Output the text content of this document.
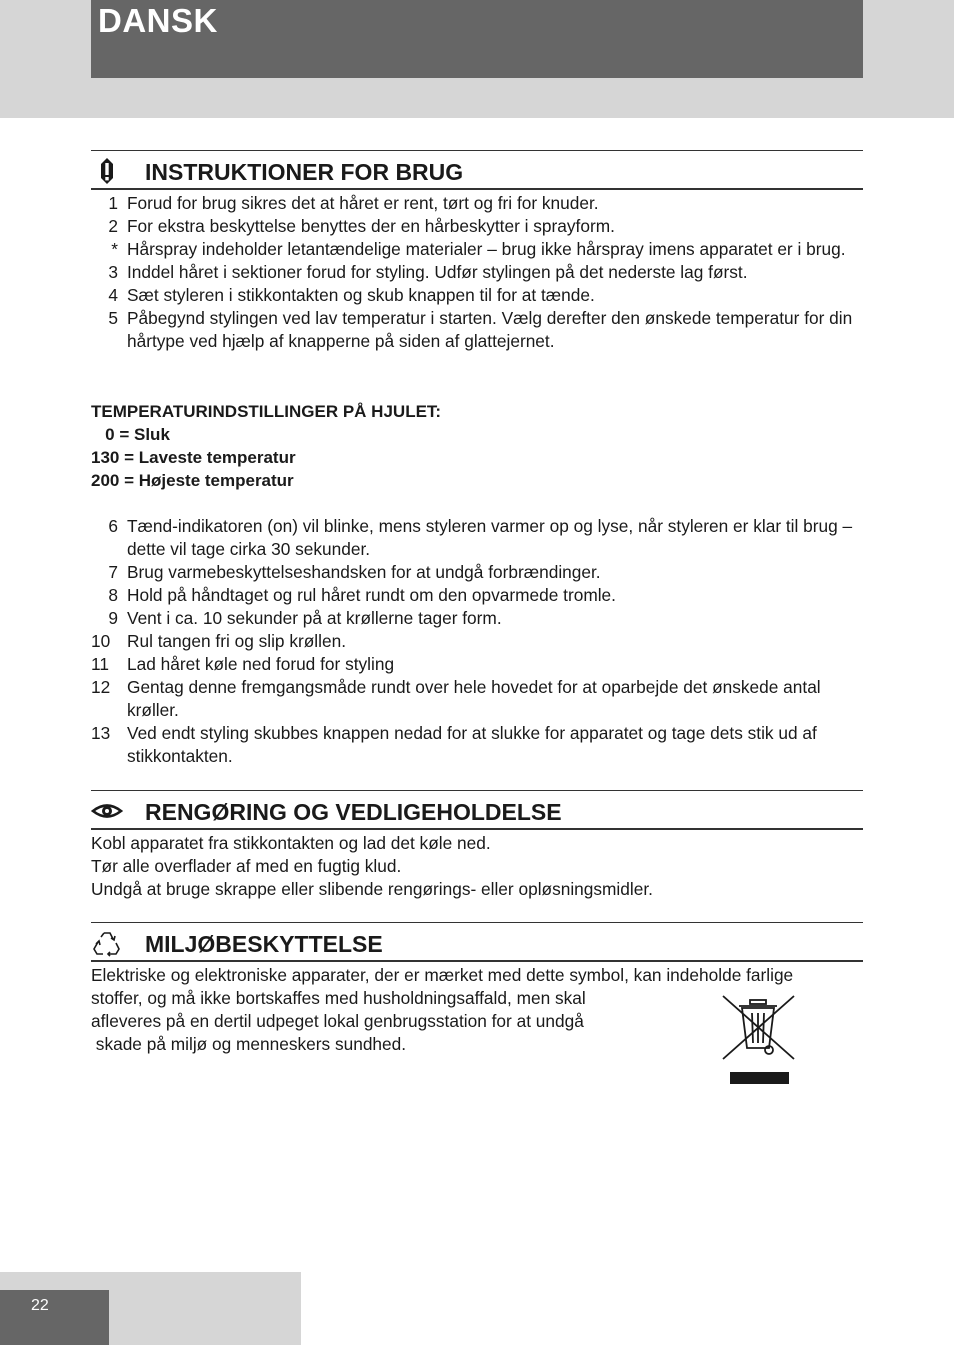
DANSK
INSTRUKTIONER FOR BRUG
1 Forud for brug sikres det at håret er rent, tørt og fri for knuder.
2 For ekstra beskyttelse benyttes der en hårbeskytter i sprayform.
* Hårspray indeholder letantændelige materialer – brug ikke hårspray imens apparatet er i brug.
3 Inddel håret i sektioner forud for styling. Udfør stylingen på det nederste lag først.
4 Sæt styleren i stikkontakten og skub knappen til for at tænde.
5 Påbegynd stylingen ved lav temperatur i starten. Vælg derefter den ønskede temperatur for din hårtype ved hjælp af knapperne på siden af glattejernet.

TEMPERATURINDSTILLINGER PÅ HJULET:

0 = Sluk

130 = Laveste temperatur

200 = Højeste temperatur

6 Tænd-indikatoren (on) vil blinke, mens styleren varmer op og lyse, når styleren er klar til brug – dette vil tage cirka 30 sekunder.
7 Brug varmebeskyttelseshandsken for at undgå forbrændinger.
8 Hold på håndtaget og rul håret rundt om den opvarmede tromle.
9 Vent i ca. 10 sekunder på at krøllerne tager form.
10 Rul tangen fri og slip krøllen.
11	Lad håret køle ned forud for styling
12 Gentag denne fremgangsmåde rundt over hele hovedet for at oparbejde det ønskede antal krøller.
13 Ved endt styling skubbes knappen nedad for at slukke for apparatet og tage dets stik ud af stikkontakten.
RENGØRING OG VEDLIGEHOLDELSE

Kobl apparatet fra stikkontakten og lad det køle ned.

Tør alle overflader af med en fugtig klud.

Undgå at bruge skrappe eller slibende rengørings- eller opløsningsmidler.

MILJØBESKYTTELSE

Elektriske og elektroniske apparater, der er mærket med dette symbol, kan indeholde farlige

stoffer, og må ikke bortskaffes med husholdningsaffald, men skal

afleveres på en dertil udpeget lokal genbrugsstation for at undgå

skade på miljø og menneskers sundhed.

22
